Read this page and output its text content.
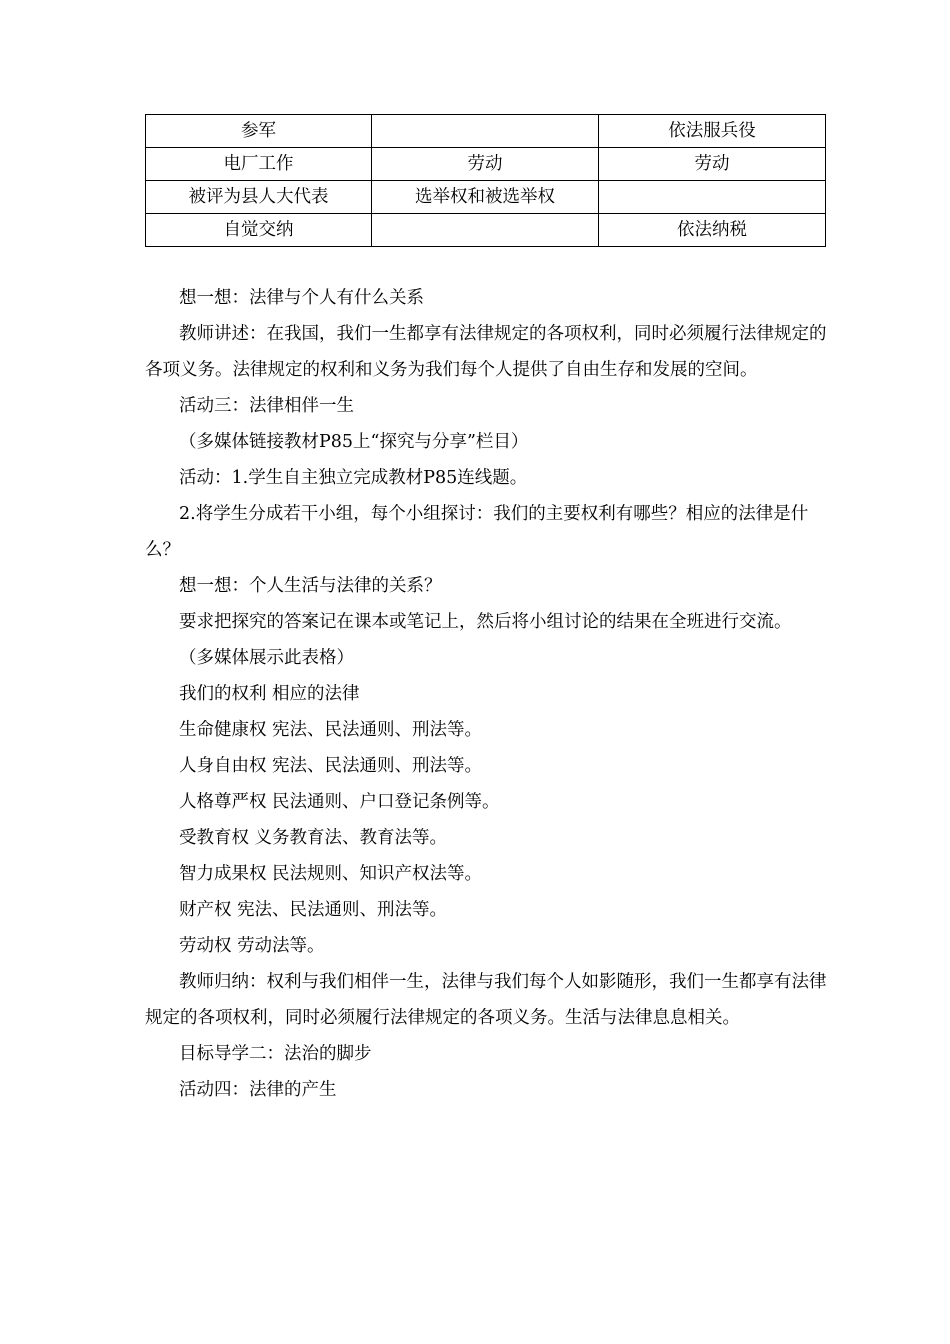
参军		依法服兵役
电厂工作	劳动	劳动
被评为县人大代表	选举权和被选举权	
自觉交纳		依法纳税

想一想：法律与个人有什么关系

教师讲述：在我国，我们一生都享有法律规定的各项权利，同时必须履行法律规定的各项义务。法律规定的权利和义务为我们每个人提供了自由生存和发展的空间。

活动三：法律相伴一生

（多媒体链接教材P85上“探究与分享”栏目）

活动：1.学生自主独立完成教材P85连线题。

2.将学生分成若干小组，每个小组探讨：我们的主要权利有哪些？相应的法律是什么？

想一想：个人生活与法律的关系？

要求把探究的答案记在课本或笔记上，然后将小组讨论的结果在全班进行交流。

（多媒体展示此表格）

我们的权利 相应的法律

生命健康权 宪法、民法通则、刑法等。

人身自由权 宪法、民法通则、刑法等。

人格尊严权 民法通则、户口登记条例等。

受教育权 义务教育法、教育法等。

智力成果权 民法规则、知识产权法等。

财产权 宪法、民法通则、刑法等。

劳动权 劳动法等。

教师归纳：权利与我们相伴一生，法律与我们每个人如影随形，我们一生都享有法律规定的各项权利，同时必须履行法律规定的各项义务。生活与法律息息相关。

目标导学二：法治的脚步

活动四：法律的产生
